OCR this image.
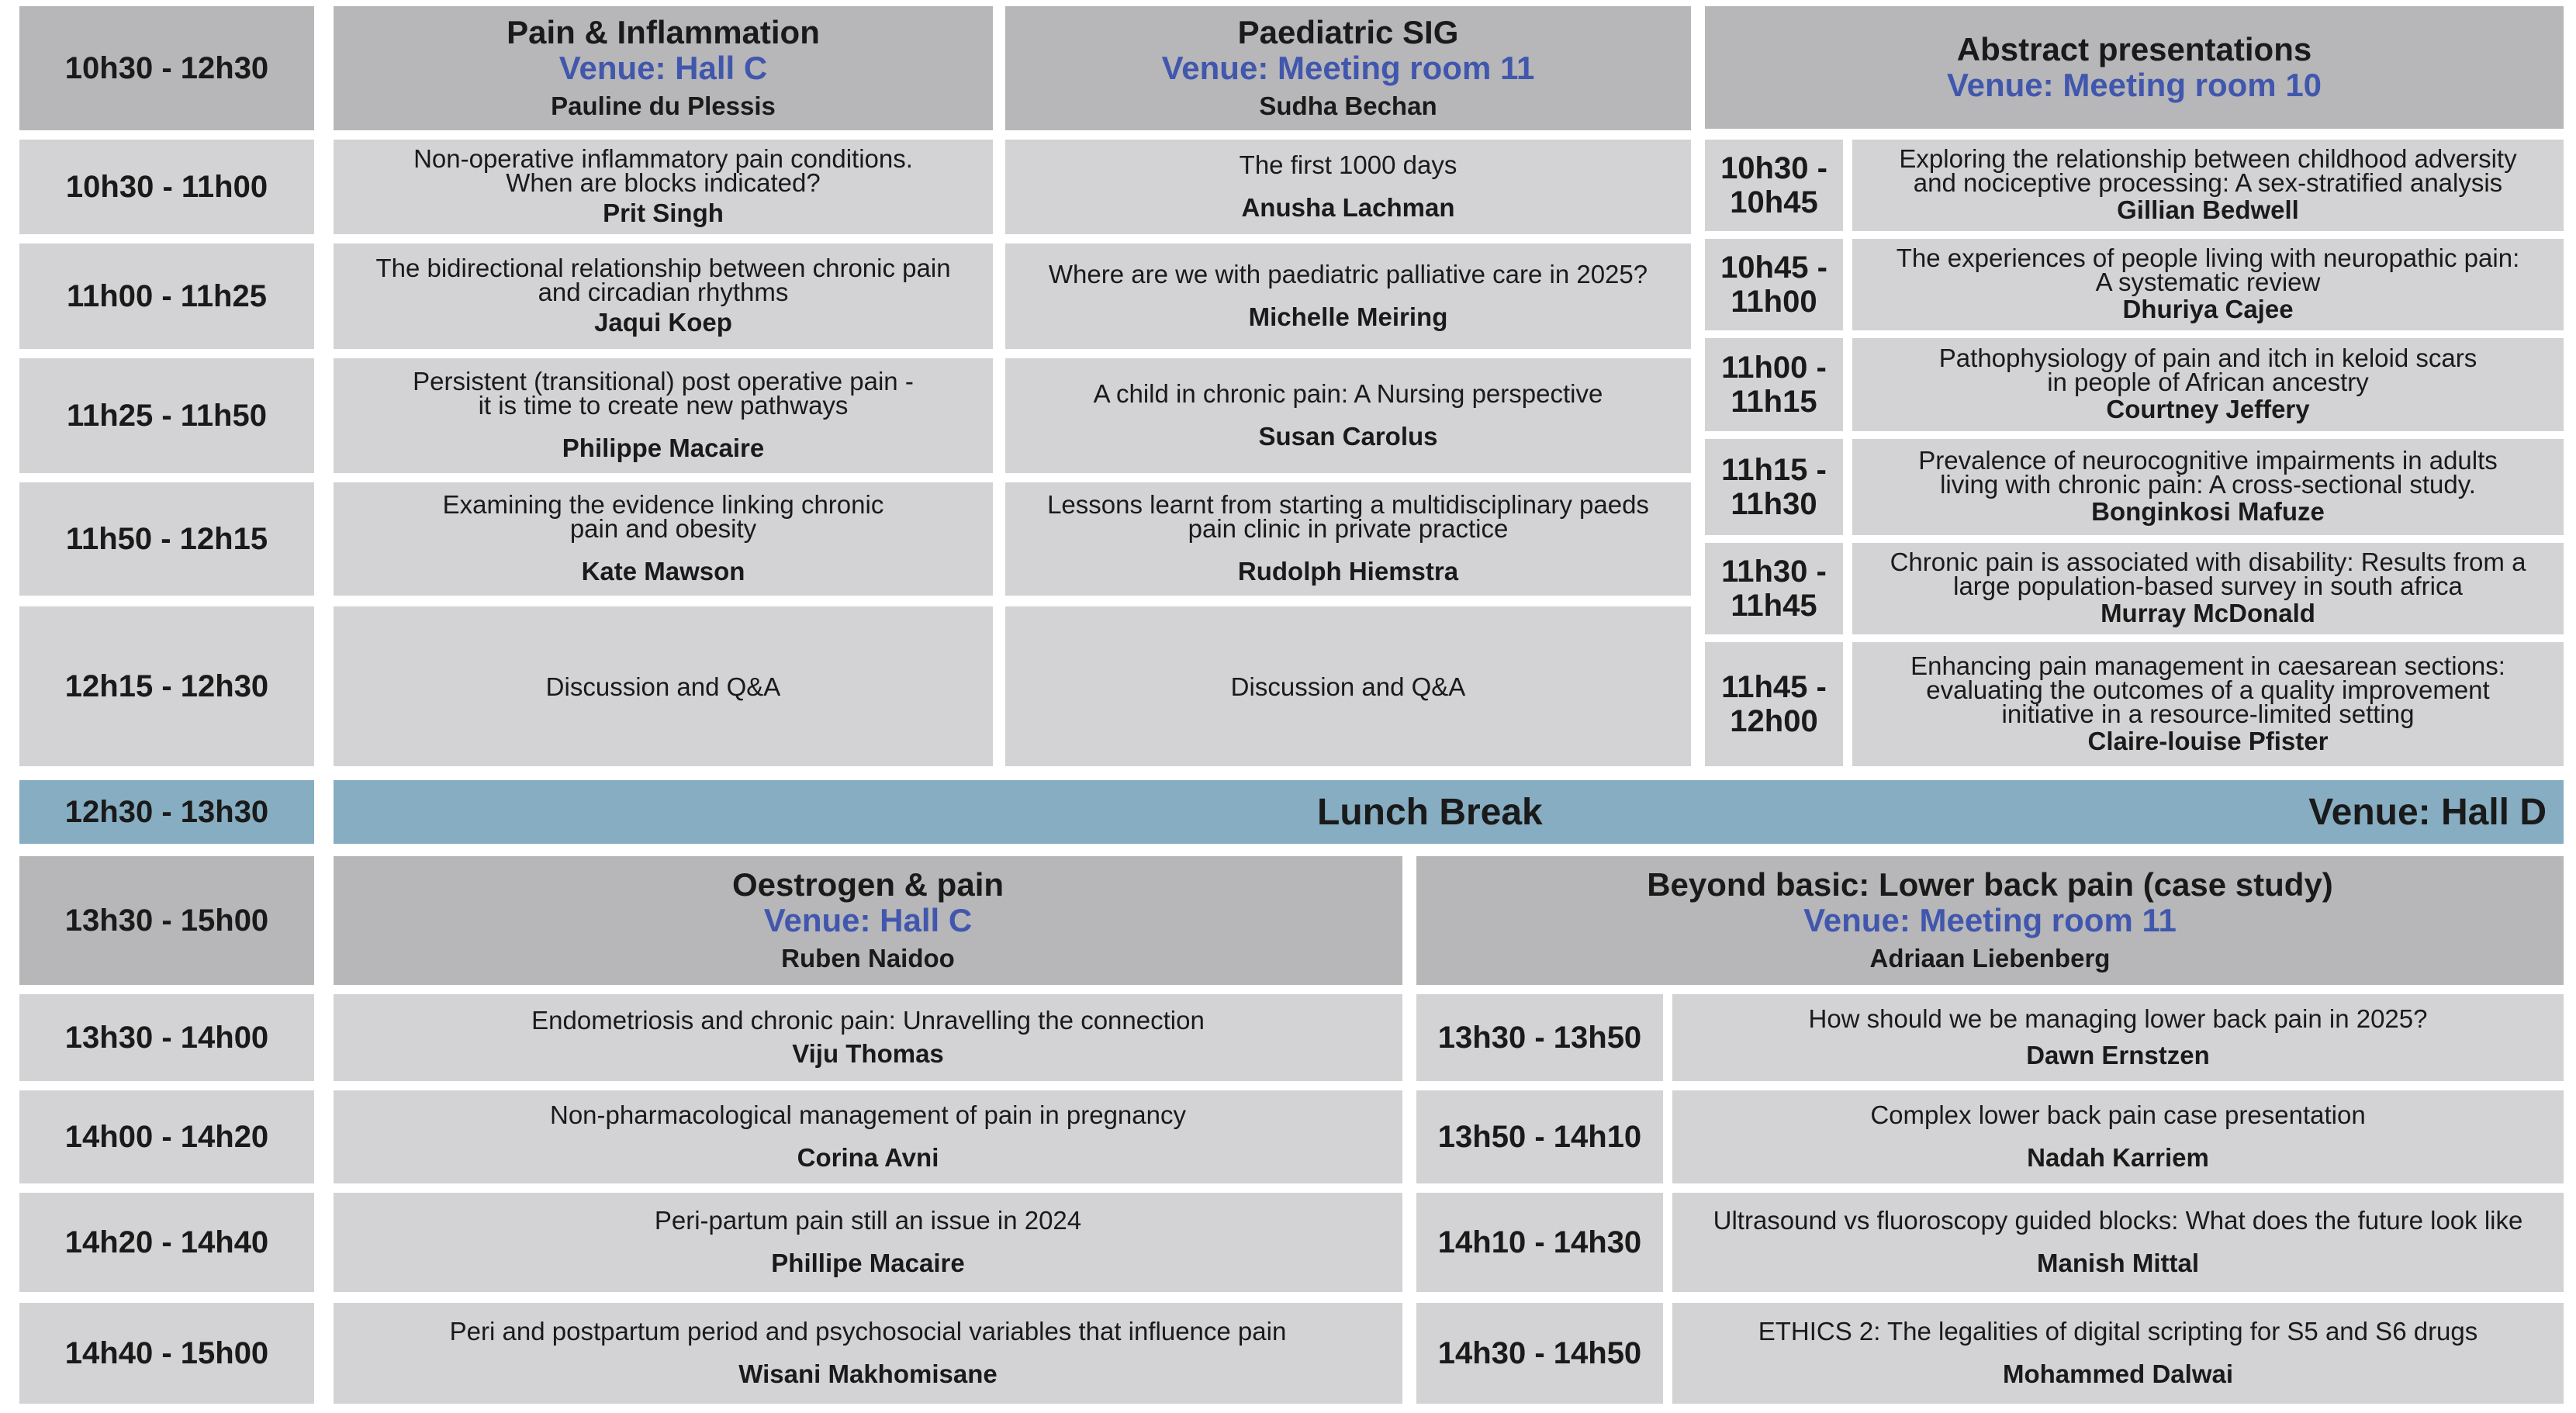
10h30 - 12h30
10h30 - 11h00
11h00 - 11h25
11h25 - 11h50
11h50 - 12h15
12h15 - 12h30
Pain & Inflammation
Venue: Hall C
Pauline du Plessis
Non-operative inflammatory pain conditions.
When are blocks indicated?
Prit Singh
The bidirectional relationship between chronic pain
and circadian rhythms
Jaqui Koep
Persistent (transitional) post operative pain -
it is time to create new pathways
Philippe Macaire
Examining the evidence linking chronic
pain and obesity
Kate Mawson
Discussion and Q&A
Paediatric SIG
Venue: Meeting room 11
Sudha Bechan
The first 1000 days
Anusha Lachman
Where are we with paediatric palliative care in 2025?
Michelle Meiring
A child in chronic pain: A Nursing perspective
Susan Carolus
Lessons learnt from starting a multidisciplinary paeds
pain clinic in private practice
Rudolph Hiemstra
Discussion and Q&A
Abstract presentations
Venue: Meeting room 10
10h30 -
10h45
Exploring the relationship between childhood adversity
and nociceptive processing: A sex-stratified analysis
Gillian Bedwell
10h45 -
11h00
The experiences of people living with neuropathic pain:
A systematic review
Dhuriya Cajee
11h00 -
11h15
Pathophysiology of pain and itch in keloid scars
in people of African ancestry
Courtney Jeffery
11h15 -
11h30
Prevalence of neurocognitive impairments in adults
living with chronic pain: A cross-sectional study.
Bonginkosi Mafuze
11h30 -
11h45
Chronic pain is associated with disability: Results from a
large population-based survey in south africa
Murray McDonald
11h45 -
12h00
Enhancing pain management in caesarean sections:
evaluating the outcomes of a quality improvement
initiative in a resource-limited setting
Claire-louise Pfister
12h30 - 13h30	Lunch Break	Venue: Hall D
13h30 - 15h00
13h30 - 14h00
14h00 - 14h20
14h20 - 14h40
14h40 - 15h00
Oestrogen & pain
Venue: Hall C
Ruben Naidoo
Endometriosis and chronic pain: Unravelling the connection
Viju Thomas
Non-pharmacological management of pain in pregnancy
Corina Avni
Peri-partum pain still an issue in 2024
Phillipe Macaire
Peri and postpartum period and psychosocial variables that influence pain
Wisani Makhomisane
Beyond basic: Lower back pain (case study)
Venue: Meeting room 11
Adriaan Liebenberg
13h30 - 13h50
How should we be managing lower back pain in 2025?
Dawn Ernstzen
13h50 - 14h10
Complex lower back pain case presentation
Nadah Karriem
14h10 - 14h30
Ultrasound vs fluoroscopy guided blocks: What does the future look like
Manish Mittal
14h30 - 14h50
ETHICS 2: The legalities of digital scripting for S5 and S6 drugs
Mohammed Dalwai
